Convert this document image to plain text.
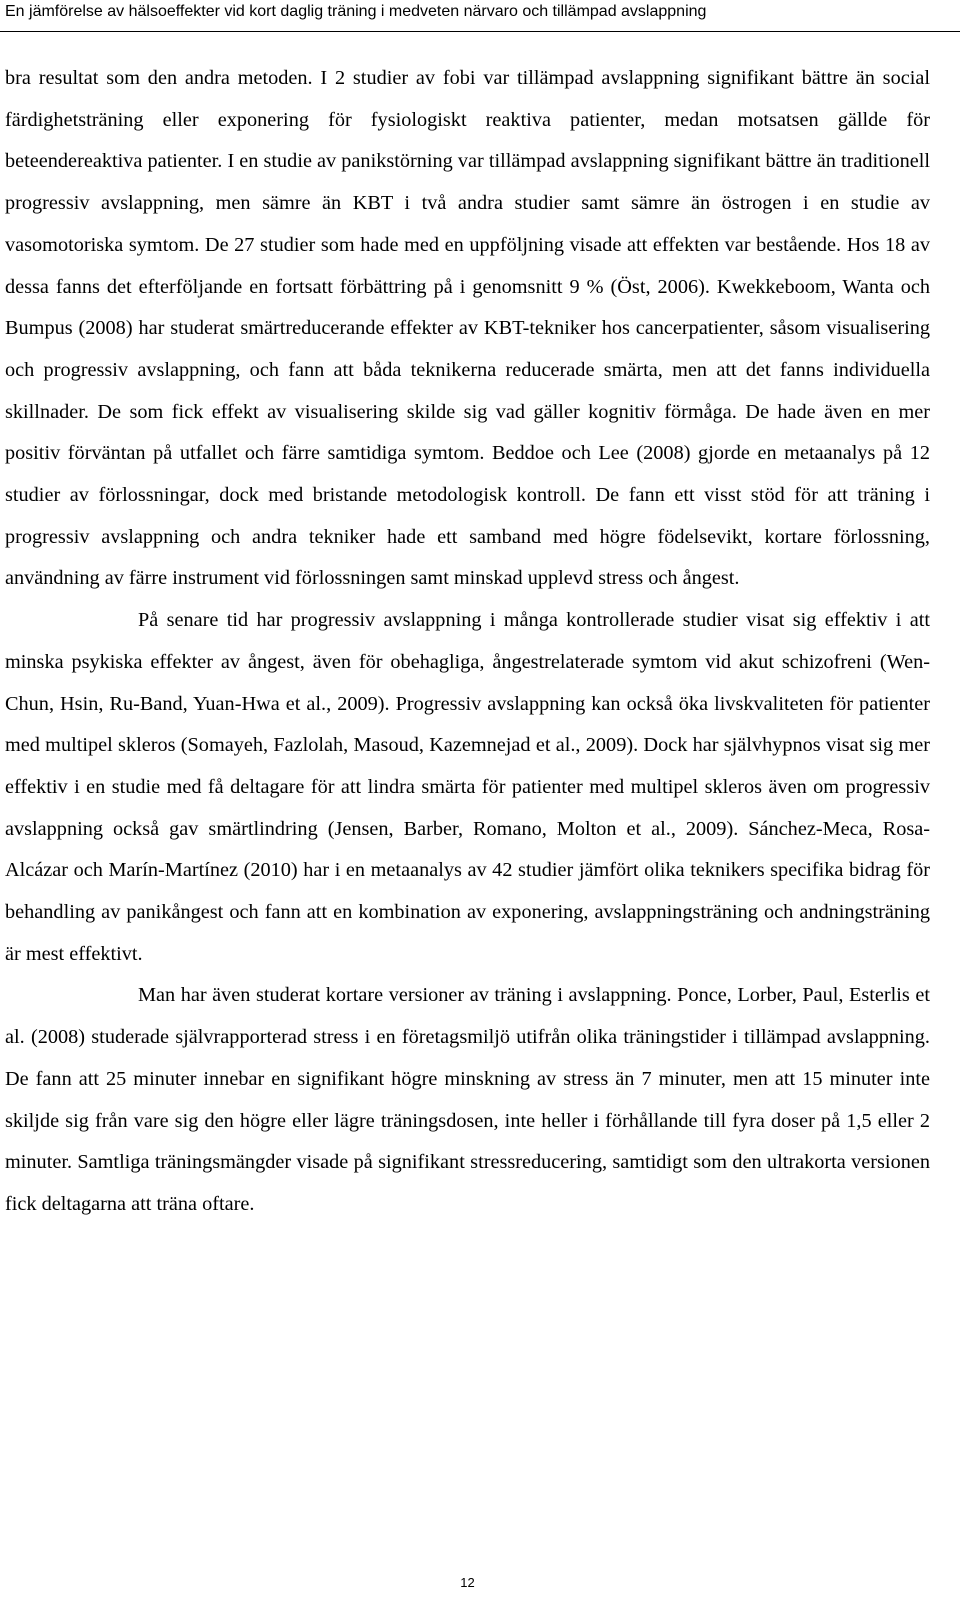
En jämförelse av hälsoeffekter vid kort daglig träning i medveten närvaro och tillämpad avslappning

bra resultat som den andra metoden. I 2 studier av fobi var tillämpad avslappning signifikant bättre än social färdighetsträning eller exponering för fysiologiskt reaktiva patienter, medan motsatsen gällde för beteendereaktiva patienter. I en studie av panikstörning var tillämpad avslappning signifikant bättre än traditionell progressiv avslappning, men sämre än KBT i två andra studier samt sämre än östrogen i en studie av vasomotoriska symtom. De 27 studier som hade med en uppföljning visade att effekten var bestående. Hos 18 av dessa fanns det efterföljande en fortsatt förbättring på i genomsnitt 9 % (Öst, 2006). Kwekkeboom, Wanta och Bumpus (2008) har studerat smärtreducerande effekter av KBT-tekniker hos cancerpatienter, såsom visualisering och progressiv avslappning, och fann att båda teknikerna reducerade smärta, men att det fanns individuella skillnader. De som fick effekt av visualisering skilde sig vad gäller kognitiv förmåga. De hade även en mer positiv förväntan på utfallet och färre samtidiga symtom. Beddoe och Lee (2008) gjorde en metaanalys på 12 studier av förlossningar, dock med bristande metodologisk kontroll. De fann ett visst stöd för att träning i progressiv avslappning och andra tekniker hade ett samband med högre födelsevikt, kortare förlossning, användning av färre instrument vid förlossningen samt minskad upplevd stress och ångest.

På senare tid har progressiv avslappning i många kontrollerade studier visat sig effektiv i att minska psykiska effekter av ångest, även för obehagliga, ångestrelaterade symtom vid akut schizofreni (Wen-Chun, Hsin, Ru-Band, Yuan-Hwa et al., 2009). Progressiv avslappning kan också öka livskvaliteten för patienter med multipel skleros (Somayeh, Fazlolah, Masoud, Kazemnejad et al., 2009). Dock har självhypnos visat sig mer effektiv i en studie med få deltagare för att lindra smärta för patienter med multipel skleros även om progressiv avslappning också gav smärtlindring (Jensen, Barber, Romano, Molton et al., 2009). Sánchez-Meca, Rosa-Alcázar och Marín-Martínez (2010) har i en metaanalys av 42 studier jämfört olika teknikers specifika bidrag för behandling av panikångest och fann att en kombination av exponering, avslappningsträning och andningsträning är mest effektivt.

Man har även studerat kortare versioner av träning i avslappning. Ponce, Lorber, Paul, Esterlis et al. (2008) studerade självrapporterad stress i en företagsmiljö utifrån olika träningstider i tillämpad avslappning. De fann att 25 minuter innebar en signifikant högre minskning av stress än 7 minuter, men att 15 minuter inte skiljde sig från vare sig den högre eller lägre träningsdosen, inte heller i förhållande till fyra doser på 1,5 eller 2 minuter. Samtliga träningsmängder visade på signifikant stressreducering, samtidigt som den ultrakorta versionen fick deltagarna att träna oftare.

12
